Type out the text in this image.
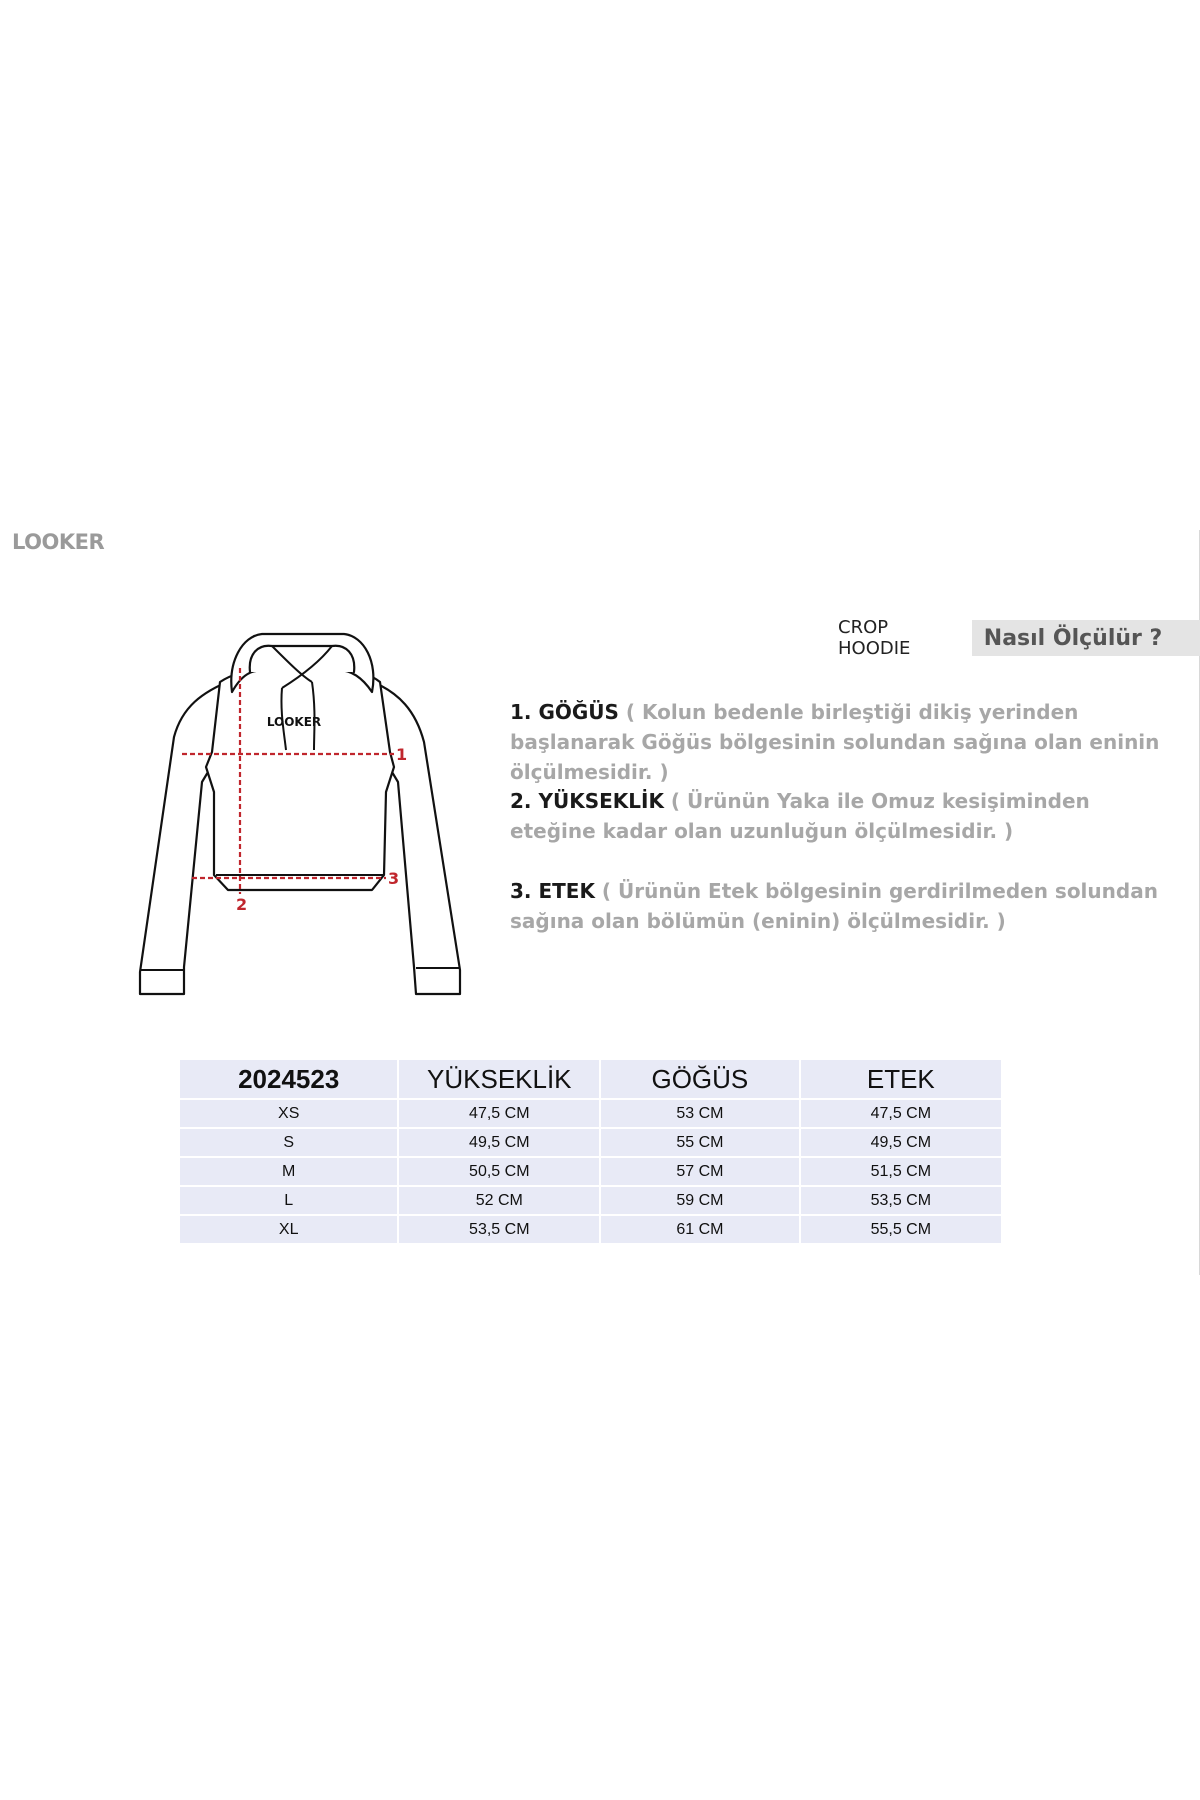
LOOKER
CROP HOODIE	Nasıl Ölçülür ?
LOOKER
1
2
3
1. GÖĞÜS ( Kolun bedenle birleştiği dikiş yerinden başlanarak Göğüs bölgesinin solundan sağına olan eninin ölçülmesidir. )
2. YÜKSEKLİK ( Ürünün Yaka ile Omuz kesişiminden eteğine kadar olan uzunluğun ölçülmesidir. )
3. ETEK ( Ürünün Etek bölgesinin gerdirilmeden solundan sağına olan bölümün (eninin) ölçülmesidir. )
2024523	YÜKSEKLİK	GÖĞÜS	ETEK
XS	47,5 CM	53 CM	47,5 CM
S	49,5 CM	55 CM	49,5 CM
M	50,5 CM	57 CM	51,5 CM
L	52 CM	59 CM	53,5 CM
XL	53,5 CM	61 CM	55,5 CM
